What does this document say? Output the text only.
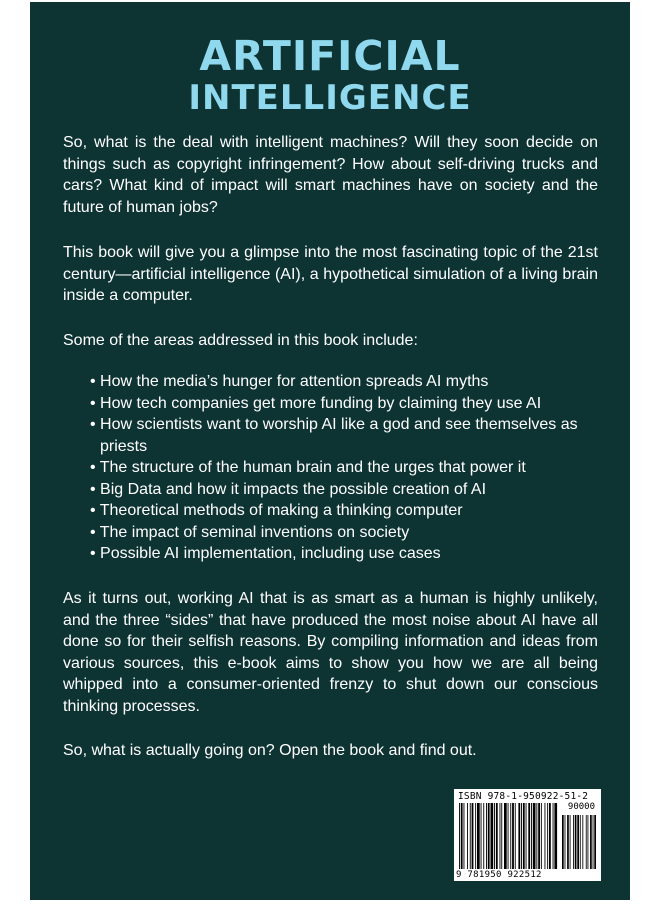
ARTIFICIAL
INTELLIGENCE
So, what is the deal with intelligent machines? Will they soon decide on things such as copyright infringement? How about self-driving trucks and cars? What kind of impact will smart machines have on society and the future of human jobs?
This book will give you a glimpse into the most fascinating topic of the 21st century—artificial intelligence (AI), a hypothetical simulation of a living brain inside a computer.
Some of the areas addressed in this book include:
• How the media’s hunger for attention spreads AI myths
• How tech companies get more funding by claiming they use AI
• How scientists want to worship AI like a god and see themselves as priests
• The structure of the human brain and the urges that power it
• Big Data and how it impacts the possible creation of AI
• Theoretical methods of making a thinking computer
• The impact of seminal inventions on society
• Possible AI implementation, including use cases
As it turns out, working AI that is as smart as a human is highly unlikely, and the three “sides” that have produced the most noise about AI have all done so for their selfish reasons. By compiling information and ideas from various sources, this e-book aims to show you how we are all being whipped into a consumer-oriented frenzy to shut down our conscious thinking processes.
So, what is actually going on? Open the book and find out.
ISBN 978-1-950922-51-2
90000
9 781950 922512
